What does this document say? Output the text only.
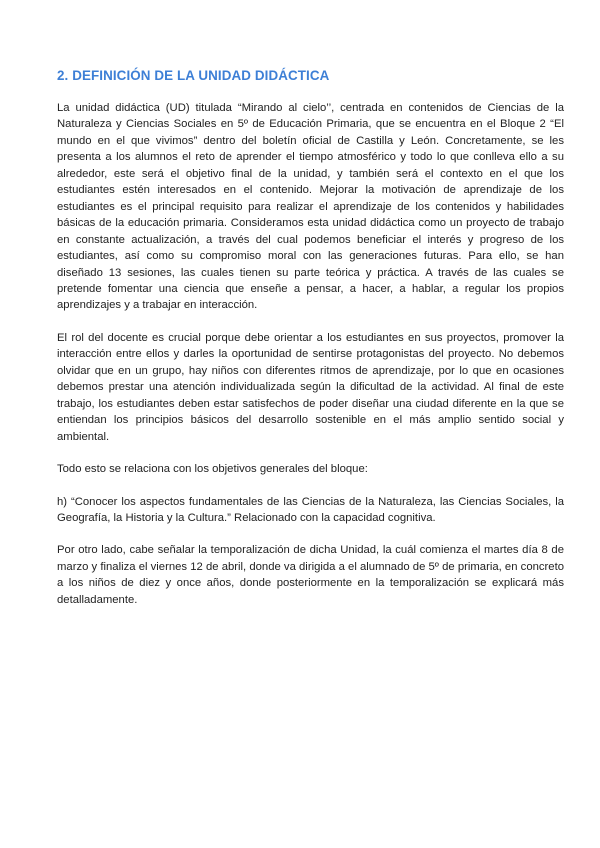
2. DEFINICIÓN DE LA UNIDAD DIDÁCTICA

La unidad didáctica (UD) titulada “Mirando al cielo’’, centrada en contenidos de Ciencias de la Naturaleza y Ciencias Sociales en 5º de Educación Primaria, que se encuentra en el Bloque 2 “El mundo en el que vivimos” dentro del boletín oficial de Castilla y León. Concretamente, se les presenta a los alumnos el reto de aprender el tiempo atmosférico y todo lo que conlleva ello a su alrededor, este será el objetivo final de la unidad, y también será el contexto en el que los estudiantes estén interesados en el contenido. Mejorar la motivación de aprendizaje de los estudiantes es el principal requisito para realizar el aprendizaje de los contenidos y habilidades básicas de la educación primaria. Consideramos esta unidad didáctica como un proyecto de trabajo en constante actualización, a través del cual podemos beneficiar el interés y progreso de los estudiantes, así como su compromiso moral con las generaciones futuras. Para ello, se han diseñado 13 sesiones, las cuales tienen su parte teórica y práctica. A través de las cuales se pretende fomentar una ciencia que enseñe a pensar, a hacer, a hablar, a regular los propios aprendizajes y a trabajar en interacción.

El rol del docente es crucial porque debe orientar a los estudiantes en sus proyectos, promover la interacción entre ellos y darles la oportunidad de sentirse protagonistas del proyecto. No debemos olvidar que en un grupo, hay niños con diferentes ritmos de aprendizaje, por lo que en ocasiones debemos prestar una atención individualizada según la dificultad de la actividad. Al final de este trabajo, los estudiantes deben estar satisfechos de poder diseñar una ciudad diferente en la que se entiendan los principios básicos del desarrollo sostenible en el más amplio sentido social y ambiental.

Todo esto se relaciona con los objetivos generales del bloque:

h) “Conocer los aspectos fundamentales de las Ciencias de la Naturaleza, las Ciencias Sociales, la Geografía, la Historia y la Cultura.” Relacionado con la capacidad cognitiva.

Por otro lado, cabe señalar la temporalización de dicha Unidad, la cuál comienza el martes día 8 de marzo y finaliza el viernes 12 de abril, donde va dirigida a el alumnado de 5º de primaria, en concreto a los niños de diez y once años, donde posteriormente en la temporalización se explicará más detalladamente.
